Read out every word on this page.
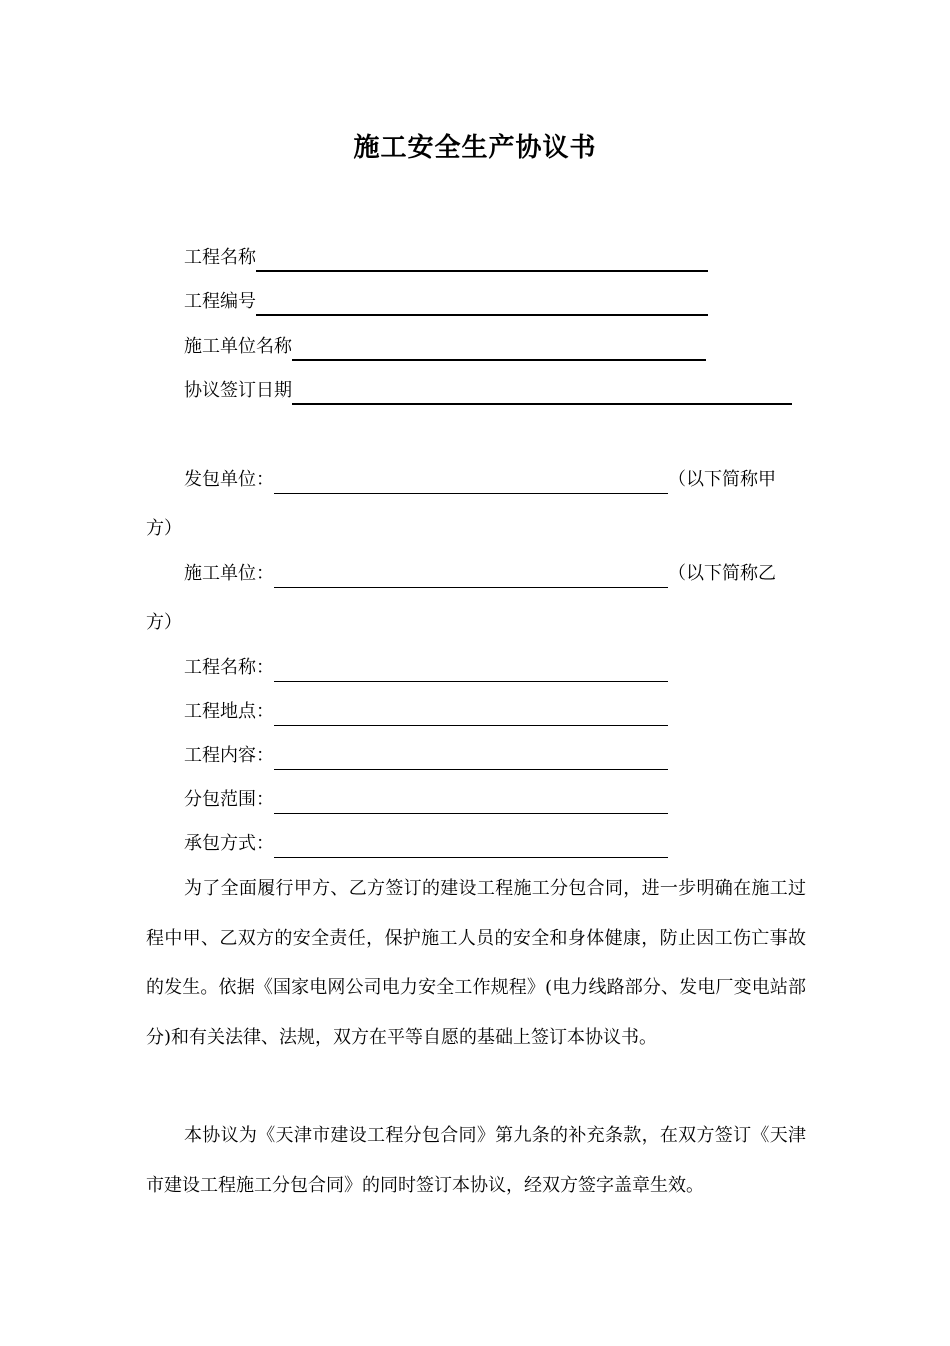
施工安全生产协议书
工程名称
工程编号
施工单位名称
协议签订日期
发包单位：	（以下简称甲
方）
施工单位：	（以下简称乙
方）
工程名称：
工程地点：
工程内容：
分包范围：
承包方式：

为了全面履行甲方、乙方签订的建设工程施工分包合同，进一步明确在施工过程中甲、乙双方的安全责任，保护施工人员的安全和身体健康，防止因工伤亡事故的发生。依据《国家电网公司电力安全工作规程》(电力线路部分、发电厂变电站部分)和有关法律、法规，双方在平等自愿的基础上签订本协议书。

本协议为《天津市建设工程分包合同》第九条的补充条款，在双方签订《天津市建设工程施工分包合同》的同时签订本协议，经双方签字盖章生效。
